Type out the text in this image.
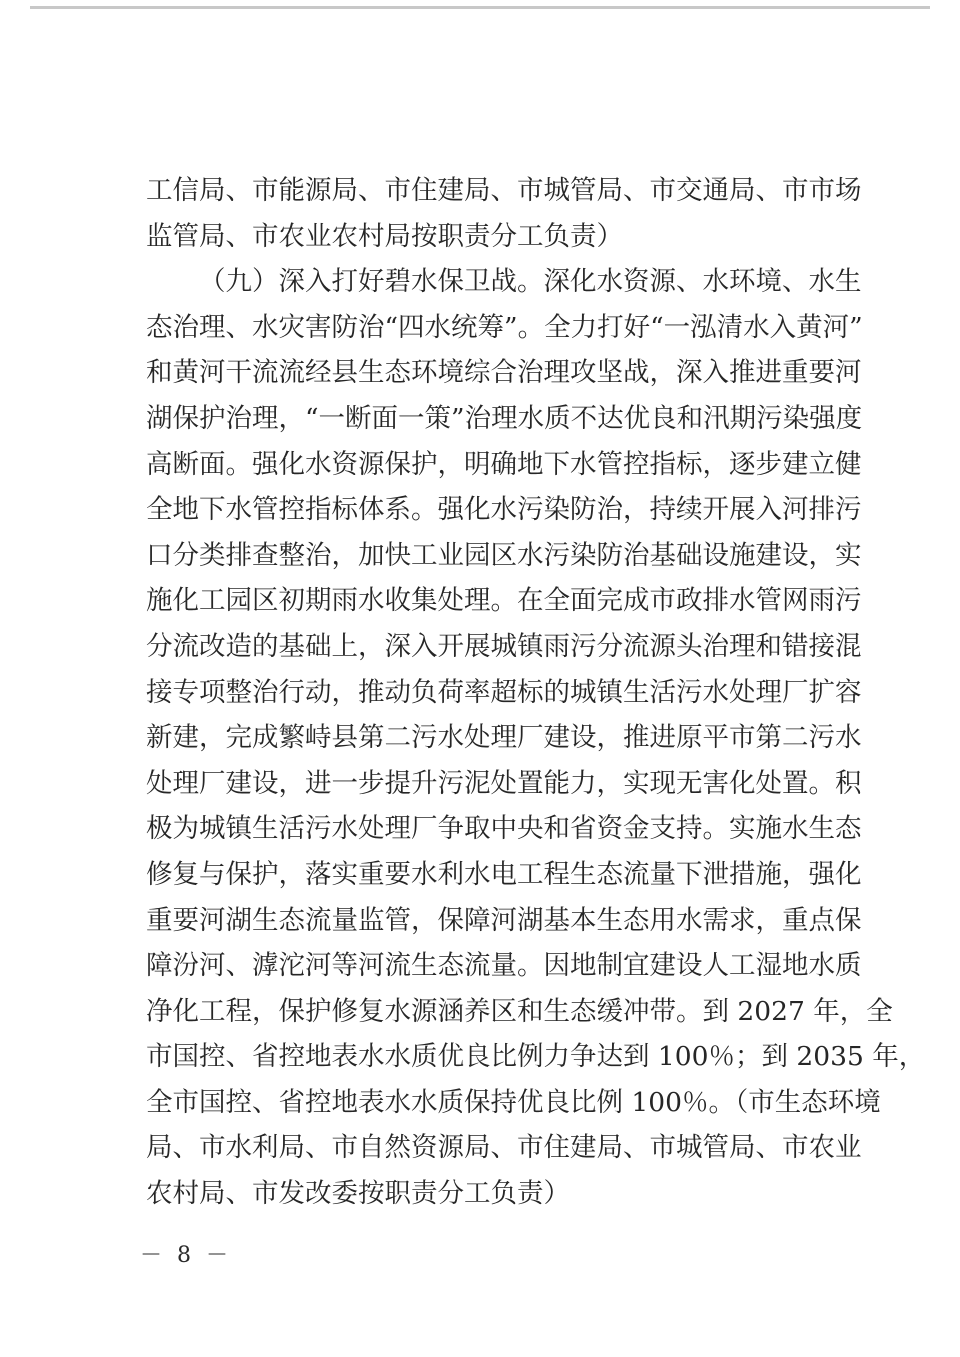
工信局、市能源局、市住建局、市城管局、市交通局、市市场
监管局、市农业农村局按职责分工负责）
（九）深入打好碧水保卫战。深化水资源、水环境、水生
态治理、水灾害防治“四水统筹”。全力打好“一泓清水入黄河”
和黄河干流流经县生态环境综合治理攻坚战，深入推进重要河
湖保护治理，“一断面一策”治理水质不达优良和汛期污染强度
高断面。强化水资源保护，明确地下水管控指标，逐步建立健
全地下水管控指标体系。强化水污染防治，持续开展入河排污
口分类排查整治，加快工业园区水污染防治基础设施建设，实
施化工园区初期雨水收集处理。在全面完成市政排水管网雨污
分流改造的基础上，深入开展城镇雨污分流源头治理和错接混
接专项整治行动，推动负荷率超标的城镇生活污水处理厂扩容
新建，完成繁峙县第二污水处理厂建设，推进原平市第二污水
处理厂建设，进一步提升污泥处置能力，实现无害化处置。积
极为城镇生活污水处理厂争取中央和省资金支持。实施水生态
修复与保护，落实重要水利水电工程生态流量下泄措施，强化
重要河湖生态流量监管，保障河湖基本生态用水需求，重点保
障汾河、滹沱河等河流生态流量。因地制宜建设人工湿地水质
净化工程，保护修复水源涵养区和生态缓冲带。到 2027 年，全
市国控、省控地表水水质优良比例力争达到 100％；到 2035 年，
全市国控、省控地表水水质保持优良比例 100％。（市生态环境
局、市水利局、市自然资源局、市住建局、市城管局、市农业
农村局、市发改委按职责分工负责）
－ 8 －
